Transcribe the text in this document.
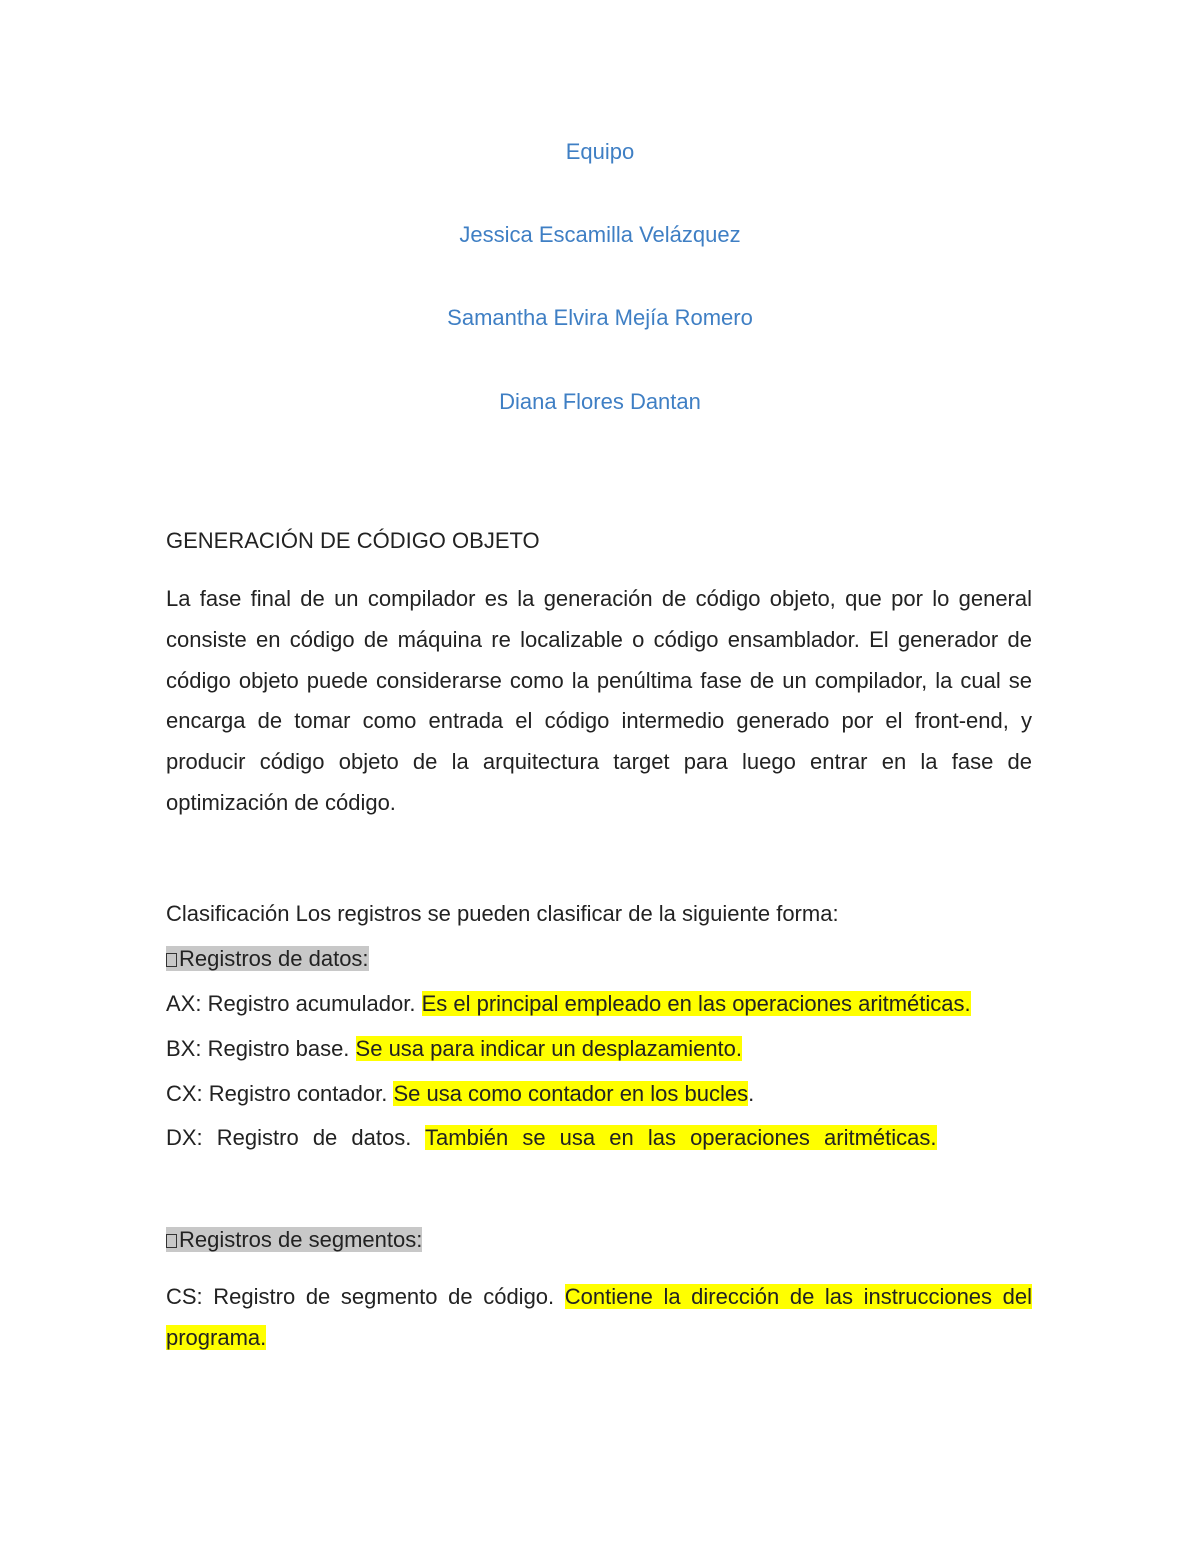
Equipo
Jessica Escamilla Velázquez
Samantha Elvira Mejía Romero
Diana Flores Dantan
GENERACIÓN DE CÓDIGO OBJETO
La fase final de un compilador es la generación de código objeto, que por lo general consiste en código de máquina re localizable o código ensamblador. El generador de código objeto puede considerarse como la penúltima fase de un compilador, la cual se encarga de tomar como entrada el código intermedio generado por el front-end, y producir código objeto de la arquitectura target para luego entrar en la fase de optimización de código.
Clasificación Los registros se pueden clasificar de la siguiente forma:
Registros de datos:
AX: Registro acumulador. Es el principal empleado en las operaciones aritméticas.
BX: Registro base. Se usa para indicar un desplazamiento.
CX: Registro contador. Se usa como contador en los bucles.
DX: Registro de datos. También se usa en las operaciones aritméticas.
Registros de segmentos:
CS: Registro de segmento de código. Contiene la dirección de las instrucciones del programa.
